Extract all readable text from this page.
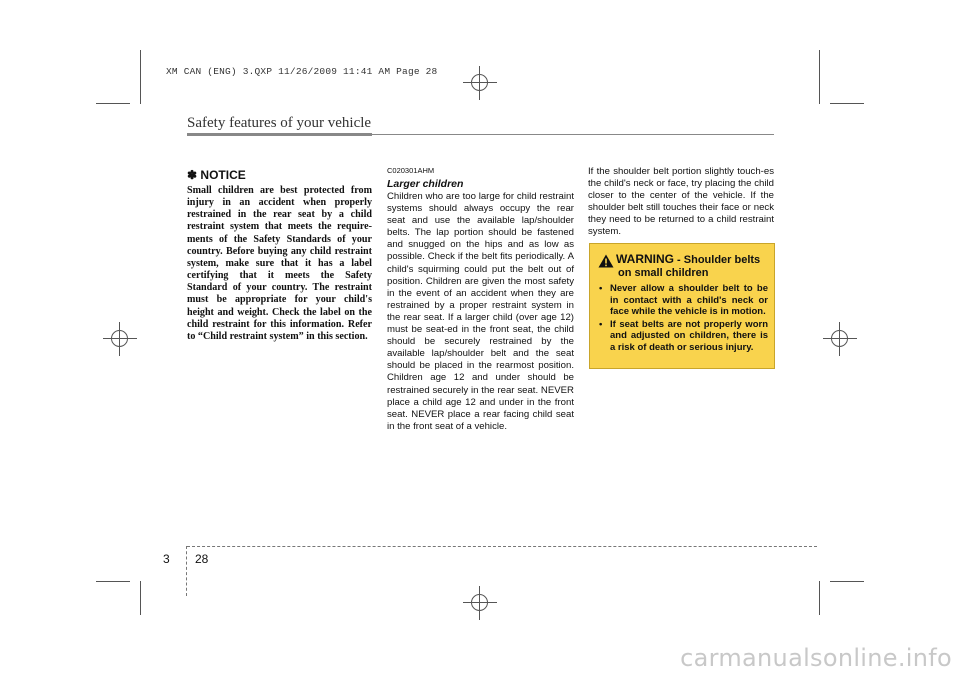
XM CAN (ENG) 3.QXP 11/26/2009 11:41 AM Page 28
Safety features of your vehicle

✽ NOTICE

Small children are best protected from injury in an accident when properly restrained in the rear seat by a child restraint system that meets the require-ments of the Safety Standards of your country. Before buying any child restraint system, make sure that it has a label certifying that it meets the Safety Standard of your country. The restraint must be appropriate for your child's height and weight. Check the label on the child restraint for this information. Refer to “Child restraint system” in this section.

C020301AHM

Larger children

Children who are too large for child restraint systems should always occupy the rear seat and use the available lap/shoulder belts. The lap portion should be fastened and snugged on the hips and as low as possible. Check if the belt fits periodically. A child's squirming could put the belt out of position. Children are given the most safety in the event of an accident when they are restrained by a proper restraint system in the rear seat. If a larger child (over age 12) must be seat-ed in the front seat, the child should be securely restrained by the available lap/shoulder belt and the seat should be placed in the rearmost position. Children age 12 and under should be restrained securely in the rear seat. NEVER place a child age 12 and under in the front seat. NEVER place a rear facing child seat in the front seat of a vehicle.

If the shoulder belt portion slightly touch-es the child's neck or face, try placing the child closer to the center of the vehicle. If the shoulder belt still touches their face or neck they need to be returned to a child restraint system.

WARNING - Shoulder belts
on small children
• Never allow a shoulder belt to be in contact with a child's neck or face while the vehicle is in motion.
• If seat belts are not properly worn and adjusted on children, there is a risk of death or serious injury.
3 28
carmanualsonline.info
